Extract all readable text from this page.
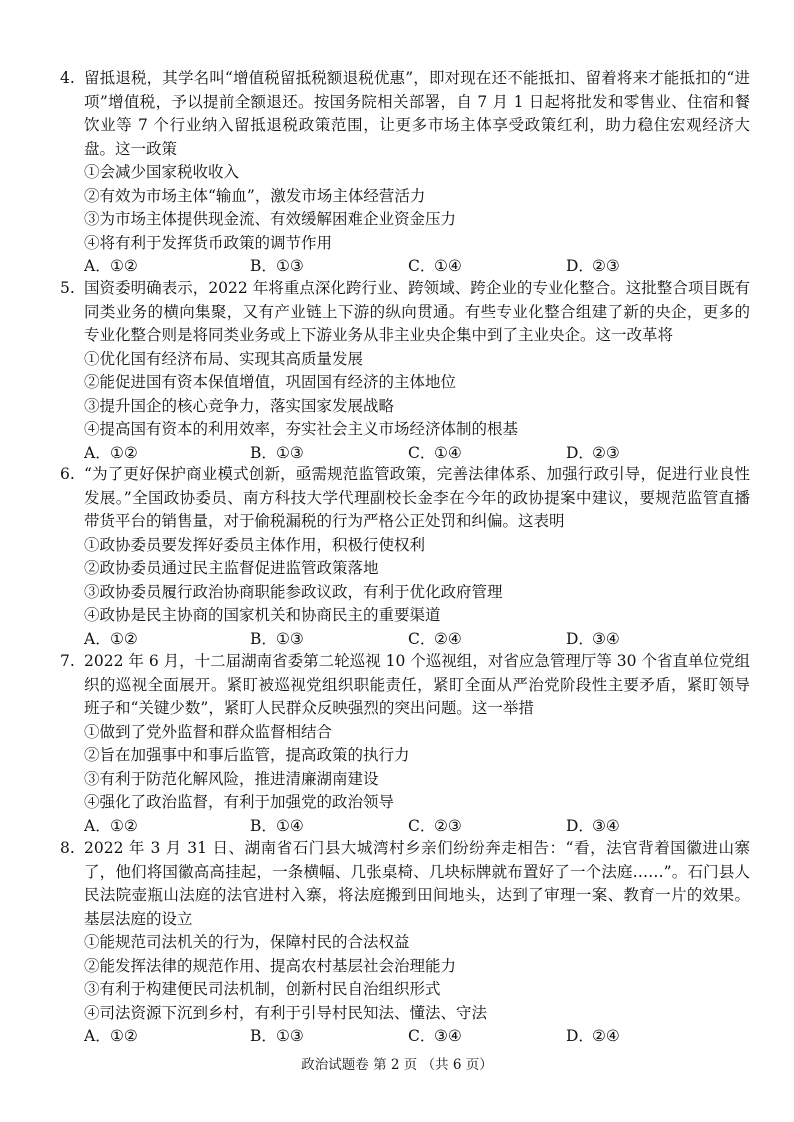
4. 留抵退税，其学名叫“增值税留抵税额退税优惠”，即对现在还不能抵扣、留着将来才能抵扣的“进项”增值税，予以提前全额退还。按国务院相关部署，自 7 月 1 日起将批发和零售业、住宿和餐饮业等 7 个行业纳入留抵退税政策范围，让更多市场主体享受政策红利，助力稳住宏观经济大盘。这一政策
①会减少国家税收收入
②有效为市场主体“输血”，激发市场主体经营活力
③为市场主体提供现金流、有效缓解困难企业资金压力
④将有利于发挥货币政策的调节作用
A．①②	B．①③	C．①④	D．②③
5. 国资委明确表示，2022 年将重点深化跨行业、跨领域、跨企业的专业化整合。这批整合项目既有同类业务的横向集聚，又有产业链上下游的纵向贯通。有些专业化整合组建了新的央企，更多的专业化整合则是将同类业务或上下游业务从非主业央企集中到了主业央企。这一改革将
①优化国有经济布局、实现其高质量发展
②能促进国有资本保值增值，巩固国有经济的主体地位
③提升国企的核心竞争力，落实国家发展战略
④提高国有资本的利用效率，夯实社会主义市场经济体制的根基
A．①②	B．①③	C．①④	D．②③
6. “为了更好保护商业模式创新，亟需规范监管政策，完善法律体系、加强行政引导，促进行业良性发展。”全国政协委员、南方科技大学代理副校长金李在今年的政协提案中建议，要规范监管直播带货平台的销售量，对于偷税漏税的行为严格公正处罚和纠偏。这表明
①政协委员要发挥好委员主体作用，积极行使权利
②政协委员通过民主监督促进监管政策落地
③政协委员履行政治协商职能参政议政，有利于优化政府管理
④政协是民主协商的国家机关和协商民主的重要渠道
A．①②	B．①③	C．②④	D．③④
7. 2022 年 6 月，十二届湖南省委第二轮巡视 10 个巡视组，对省应急管理厅等 30 个省直单位党组织的巡视全面展开。紧盯被巡视党组织职能责任，紧盯全面从严治党阶段性主要矛盾，紧盯领导班子和“关键少数”，紧盯人民群众反映强烈的突出问题。这一举措
①做到了党外监督和群众监督相结合
②旨在加强事中和事后监管，提高政策的执行力
③有利于防范化解风险，推进清廉湖南建设
④强化了政治监督，有利于加强党的政治领导
A．①②	B．①④	C．②③	D．③④
8. 2022 年 3 月 31 日、湖南省石门县大城湾村乡亲们纷纷奔走相告：“看，法官背着国徽进山寨了，他们将国徽高高挂起，一条横幅、几张桌椅、几块标牌就布置好了一个法庭……”。石门县人民法院壶瓶山法庭的法官进村入寨，将法庭搬到田间地头，达到了审理一案、教育一片的效果。基层法庭的设立
①能规范司法机关的行为，保障村民的合法权益
②能发挥法律的规范作用、提高农村基层社会治理能力
③有利于构建便民司法机制，创新村民自治组织形式
④司法资源下沉到乡村，有利于引导村民知法、懂法、守法
A．①②	B．①③	C．③④	D．②④
政治试题卷 第 2 页 （共 6 页）
